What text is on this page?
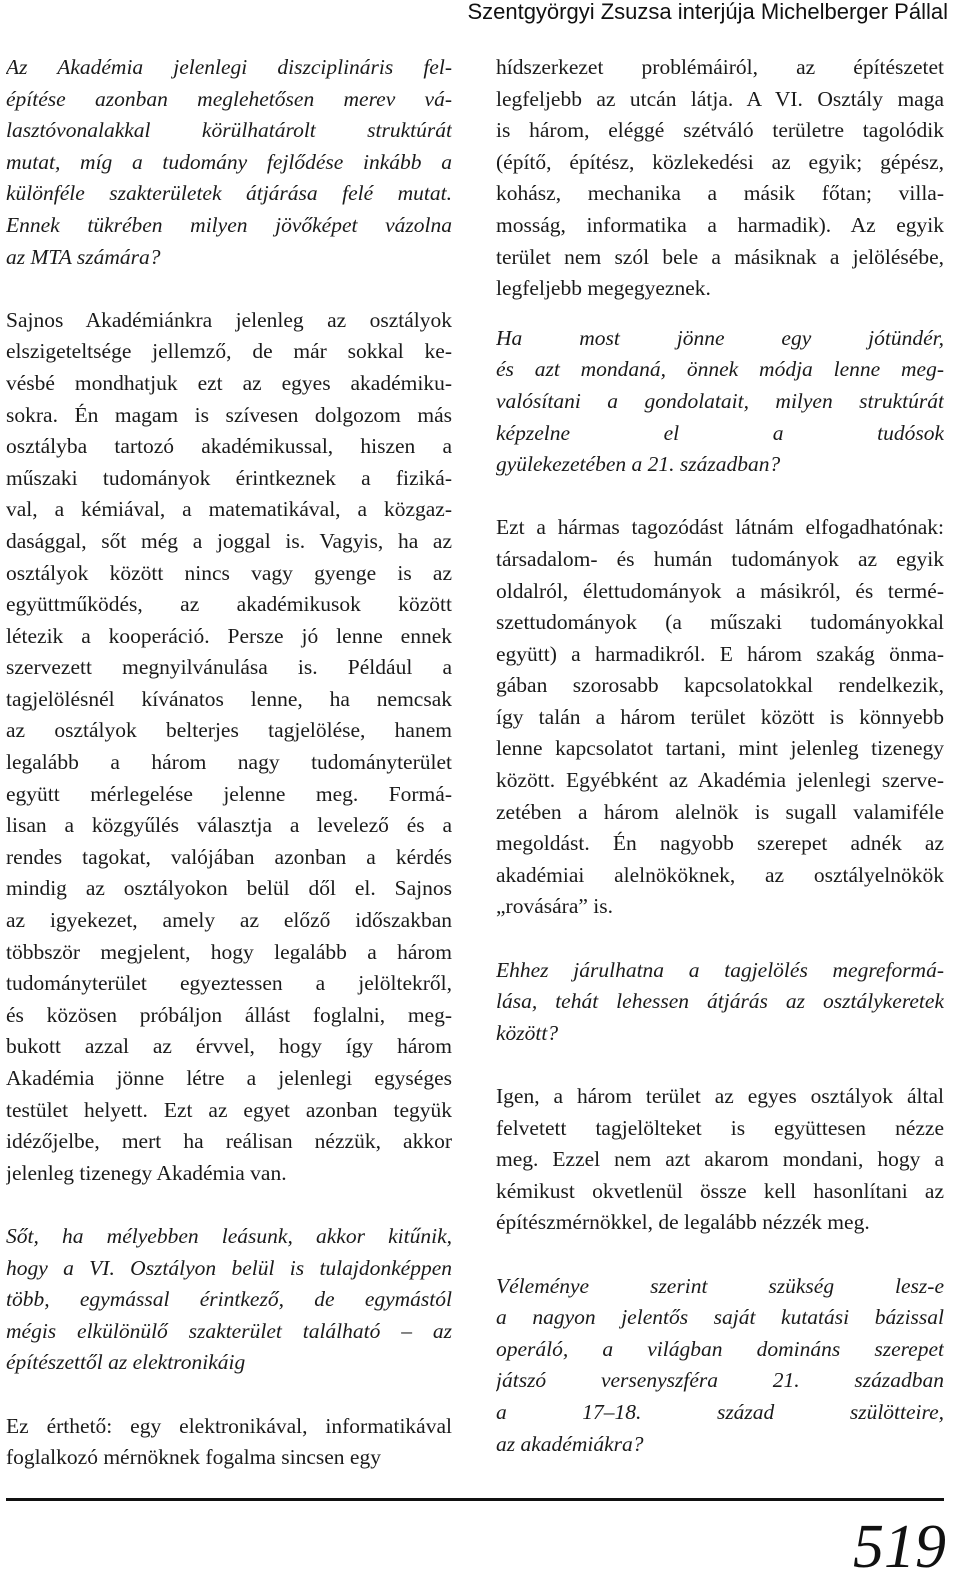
Szentgyörgyi Zsuzsa interjúja Michelberger Pállal
Az Akadémia jelenlegi diszciplináris fel-
építése azonban meglehetősen merev vá-
lasztóvonalakkal körülhatárolt struktúrát
mutat, míg a tudomány fejlődése inkább a
különféle szakterületek átjárása felé mutat.
Ennek tükrében milyen jövőképet vázolna
az MTA számára?
Sajnos Akadémiánkra jelenleg az osztályok
elszigeteltsége jellemző, de már sokkal ke-
vésbé mondhatjuk ezt az egyes akadémiku-
sokra. Én magam is szívesen dolgozom más
osztályba tartozó akadémikussal, hiszen a
műszaki tudományok érintkeznek a fiziká-
val, a kémiával, a matematikával, a közgaz-
dasággal, sőt még a joggal is. Vagyis, ha az
osztályok között nincs vagy gyenge is az
együttműködés, az akadémikusok között
létezik a kooperáció. Persze jó lenne ennek
szervezett megnyilvánulása is. Például a
tagjelölésnél kívánatos lenne, ha nemcsak
az osztályok belterjes tagjelölése, hanem
legalább a három nagy tudományterület
együtt mérlegelése jelenne meg. Formá-
lisan a közgyűlés választja a levelező és a
rendes tagokat, valójában azonban a kérdés
mindig az osztályokon belül dől el. Sajnos
az igyekezet, amely az előző időszakban
többször megjelent, hogy legalább a három
tudományterület egyeztessen a jelöltekről,
és közösen próbáljon állást foglalni, meg-
bukott azzal az érvvel, hogy így három
Akadémia jönne létre a jelenlegi egységes
testület helyett. Ezt az egyet azonban tegyük
idézőjelbe, mert ha reálisan nézzük, akkor
jelenleg tizenegy Akadémia van.
Sőt, ha mélyebben leásunk, akkor kitűnik,
hogy a VI. Osztályon belül is tulajdonképpen
több, egymással érintkező, de egymástól
mégis elkülönülő szakterület található – az
építészettől az elektronikáig
Ez érthető: egy elektronikával, informatikával
foglalkozó mérnöknek fogalma sincsen egy
hídszerkezet problémáiról, az építészetet
legfeljebb az utcán látja. A VI. Osztály maga
is három, eléggé szétváló területre tagolódik
(építő, építész, közlekedési az egyik; gépész,
kohász, mechanika a másik főtan; villa-
mosság, informatika a harmadik). Az egyik
terület nem szól bele a másiknak a jelölésébe,
legfeljebb megegyeznek.
Ha most jönne egy jótündér,
és azt mondaná, önnek módja lenne meg-
valósítani a gondolatait, milyen struktúrát
képzelne el a tudósok
gyülekezetében a 21. században?
Ezt a hármas tagozódást látnám elfogadhatónak:
társadalom- és humán tudományok az egyik
oldalról, élettudományok a másikról, és termé-
szettudományok (a műszaki tudományokkal
együtt) a harmadikról. E három szakág önma-
gában szorosabb kapcsolatokkal rendelkezik,
így talán a három terület között is könnyebb
lenne kapcsolatot tartani, mint jelenleg tizenegy
között. Egyébként az Akadémia jelenlegi szerve-
zetében a három alelnök is sugall valamiféle
megoldást. Én nagyobb szerepet adnék az
akadémiai alelnököknek, az osztályelnökök
„rovására” is.
Ehhez járulhatna a tagjelölés megreformá-
lása, tehát lehessen átjárás az osztálykeretek
között?
Igen, a három terület az egyes osztályok által
felvetett tagjelölteket is együttesen nézze
meg. Ezzel nem azt akarom mondani, hogy a
kémikust okvetlenül össze kell hasonlítani az
építészmérnökkel, de legalább nézzék meg.
Véleménye szerint szükség lesz-e
a nagyon jelentős saját kutatási bázissal
operáló, a világban domináns szerepet
játszó versenyszféra 21. században
a 17–18. század szülötteire,
az akadémiákra?
519
